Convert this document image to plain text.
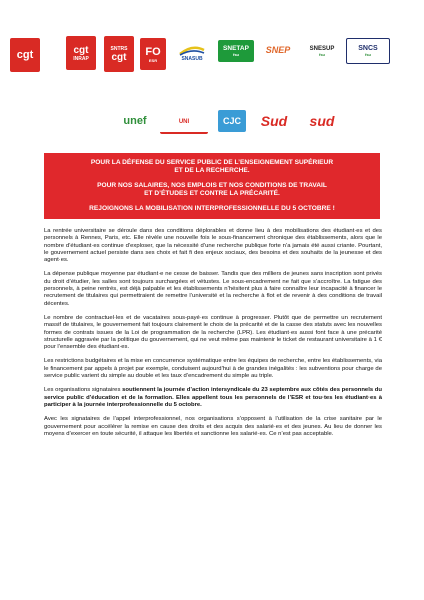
cgt	cgt
INRAP
SNTRS
cgt FO
ESR	SNASUB
SNETAP
fsu	SNEP	SNESUP
fsu
SNCS
fsu
unef	UNI	CJC Sud sud

POUR LA DÉFENSE DU SERVICE PUBLIC DE L’ENSEIGNEMENT SUPÉRIEUR

ET DE LA RECHERCHE.

POUR NOS SALAIRES, NOS EMPLOIS ET NOS CONDITIONS DE TRAVAIL

ET D’ÉTUDES ET CONTRE LA PRÉCARITÉ.

REJOIGNONS LA MOBILISATION INTERPROFESSIONNELLE DU 5 OCTOBRE !

La rentrée universitaire se déroule dans des conditions déplorables et donne lieu à des mobilisations des étudiant·es et des personnels à Rennes, Paris, etc. Elle révèle une nouvelle fois le sous-financement chronique des établissements, alors que le nombre d’étudiant·es continue d’exploser, que la nécessité d’une recherche publique forte n’a jamais été aussi criante. Pourtant, le gouvernement actuel persiste dans ses choix et fait fi des enjeux sociaux, des besoins et des souhaits de la jeunesse et des agent·es.

La dépense publique moyenne par étudiant·e ne cesse de baisser. Tandis que des milliers de jeunes sans inscription sont privés du droit d’étudier, les salles sont toujours surchargées et vétustes. Le sous-encadrement ne fait que s’accroître. La fatigue des personnels, à peine rentrés, est déjà palpable et les établissements n’hésitent plus à faire connaître leur incapacité à financer le recrutement de titulaires qui permettraient de remettre l’université et la recherche à flot et de revenir à des conditions de travail décentes.

Le nombre de contractuel·les et de vacataires sous-payé·es continue à progresser. Plutôt que de permettre un recrutement massif de titulaires, le gouvernement fait toujours clairement le choix de la précarité et de la casse des statuts avec les nouvelles formes de contrats issues de la Loi de programmation de la recherche (LPR). Les étudiant·es aussi font face à une précarité structurelle aggravée par la politique du gouvernement, qui ne veut même pas maintenir le ticket de restaurant universitaire à 1 € pour l’ensemble des étudiant·es.

Les restrictions budgétaires et la mise en concurrence systématique entre les équipes de recherche, entre les établissements, via le financement par appels à projet par exemple, conduisent aujourd’hui à de grandes inégalités : les subventions pour charge de service public varient du simple au double et les taux d’encadrement du simple au triple.

Les organisations signataires soutiennent la journée d’action intersyndicale du 23 septembre aux côtés des personnels du service public d’éducation et de la formation. Elles appellent tous les personnels de l’ESR et tou·tes les étudiant·es à participer à la journée interprofessionnelle du 5 octobre.

Avec les signataires de l’appel interprofessionnel, nos organisations s’opposent à l’utilisation de la crise sanitaire par le gouvernement pour accélérer la remise en cause des droits et des acquis des salarié·es et des jeunes. Au lieu de donner les moyens d’exercer en toute sécurité, il attaque les libertés et sanctionne les salarié·es. Ce n’est pas acceptable.
